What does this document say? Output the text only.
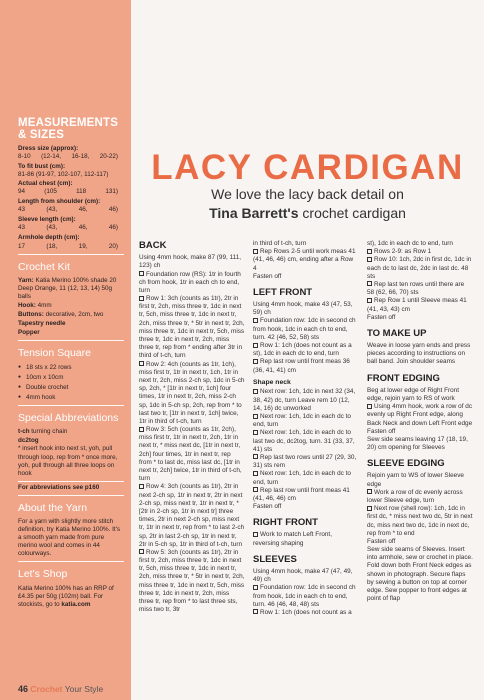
MEASUREMENTS
& SIZES
Dress size (approx):
8-10 (12-14, 16-18, 20-22)
To fit bust (cm):
81-86 (91-97, 102-107, 112-117)
Actual chest (cm):
94	(105	118	131)
Length from shoulder (cm):
43	(43,	46,	46)
Sleeve length (cm):
43	(43,	46,	46)
Armhole depth (cm):
17	(18,	19,	20)
Crochet Kit
Yarn: Katia Merino 100% shade 20 Deep Orange, 11 (12, 13, 14) 50g balls
Hook: 4mm
Buttons: decorative, 2cm, two
Tapestry needle
Popper
Tension Square
● 18 sts x 22 rows
● 10cm x 10cm
● Double crochet
● 4mm hook
Special Abbreviations
t-ch turning chain
dc2tog
* insert hook into next st, yoh, pull through loop, rep from * once more, yoh, pull through all three loops on hook
For abbreviations see p160
About the Yarn
For a yarn with slightly more stitch definition, try Katia Merino 100%. It's a smooth yarn made from pure merino wool and comes in 44 colourways.
Let's Shop
Katia Merino 100% has an RRP of £4.35 per 50g (102m) ball. For stockists, go to katia.com
46 Crochet Your Style
LACY CARDIGAN
We love the lacy back detail on
Tina Barrett's crochet cardigan
BACK
Using 4mm hook, make 87 (99, 111, 123) ch
Foundation row (RS): 1tr in fourth ch from hook, 1tr in each ch to end, turn
Row 1: 3ch (counts as 1tr), 2tr in first tr, 2ch, miss three tr, 1dc in next tr, 5ch, miss three tr, 1dc in next tr, 2ch, miss three tr, * 5tr in next tr, 2ch, miss three tr, 1dc in next tr, 5ch, miss three tr, 1dc in next tr, 2ch, miss three tr, rep from * ending after 3tr in third of t-ch, turn
Row 2: 4ch (counts as 1tr, 1ch), miss first tr, 1tr in next tr, 1ch, 1tr in next tr, 2ch, miss 2-ch sp, 1dc in 5-ch sp, 2ch, * [1tr in next tr, 1ch] four times, 1tr in next tr, 2ch, miss 2-ch sp, 1dc in 5-ch sp, 2ch, rep from * to last two tr, [1tr in next tr, 1ch] twice, 1tr in third of t-ch, turn
Row 3: 5ch (counts as 1tr, 2ch), miss first tr, 1tr in next tr, 2ch, 1tr in next tr, * miss next dc, [1tr in next tr, 2ch] four times, 1tr in next tr, rep from * to last dc, miss last dc, [1tr in next tr, 2ch] twice, 1tr in third of t-ch, turn
Row 4: 3ch (counts as 1tr), 2tr in next 2-ch sp, 1tr in next tr, 2tr in next 2-ch sp, miss next tr, 1tr in next tr, * [2tr in 2-ch sp, 1tr in next tr] three times, 2tr in next 2-ch sp, miss next tr, 1tr in next tr, rep from * to last 2-ch sp, 2tr in last 2-ch sp, 1tr in next tr, 2tr in 5-ch sp, 1tr in third of t-ch, turn
Row 5: 3ch (counts as 1tr), 2tr in first tr, 2ch, miss three tr, 1dc in next tr, 5ch, miss three tr, 1dc in next tr, 2ch, miss three tr, * 5tr in next tr, 2ch, miss three tr, 1dc in next tr, 5ch, miss three tr, 1dc in next tr, 2ch, miss three tr, rep from * to last three sts, miss two tr, 3tr
in third of t-ch, turn
Rep Rows 2-5 until work meas 41 (41, 46, 46) cm, ending after a Row 4
Fasten off
LEFT FRONT
Using 4mm hook, make 43 (47, 53, 59) ch
Foundation row: 1dc in second ch from hook, 1dc in each ch to end, turn. 42 (46, 52, 58) sts
Row 1: 1ch (does not count as a st), 1dc in each dc to end, turn
Rep last row until front meas 36 (36, 41, 41) cm
Shape neck
Next row: 1ch, 1dc in next 32 (34, 38, 42) dc, turn Leave rem 10 (12, 14, 16) dc unworked
Next row: 1ch, 1dc in each dc to end, turn
Next row: 1ch, 1dc in each dc to last two dc, dc2tog, turn. 31 (33, 37, 41) sts
Rep last two rows until 27 (29, 30, 31) sts rem
Next row: 1ch, 1dc in each dc to end, turn
Rep last row until front meas 41 (41, 46, 46) cm
Fasten off
RIGHT FRONT
Work to match Left Front, reversing shaping
SLEEVES
Using 4mm hook, make 47 (47, 49, 49) ch
Foundation row: 1dc in second ch from hook, 1dc in each ch to end, turn. 46 (46, 48, 48) sts
Row 1: 1ch (does not count as a
st), 1dc in each dc to end, turn
Rows 2-9: as Row 1
Row 10: 1ch, 2dc in first dc, 1dc in each dc to last dc, 2dc in last dc. 48 sts
Rep last ten rows until there are 58 (62, 66, 70) sts
Rep Row 1 until Sleeve meas 41 (41, 43, 43) cm
Fasten off
TO MAKE UP
Weave in loose yarn ends and press pieces according to instructions on ball band. Join shoulder seams
FRONT EDGING
Beg at lower edge of Right Front edge, rejoin yarn to RS of work
Using 4mm hook, work a row of dc evenly up Right Front edge, along Back Neck and down Left Front edge
Fasten off
Sew side seams leaving 17 (18, 19, 20) cm opening for Sleeves
SLEEVE EDGING
Rejoin yarn to WS of lower Sleeve edge
Work a row of dc evenly across lower Sleeve edge, turn
Next row (shell row): 1ch, 1dc in first dc, * miss next two dc, 5tr in next dc, miss next two dc, 1dc in next dc, rep from * to end
Fasten off
Sew side seams of Sleeves. Insert into armhole, sew or crochet in place. Fold down both Front Neck edges as shown in photograph. Secure flaps by sewing a button on top at corner edge. Sew popper to front edges at point of flap
